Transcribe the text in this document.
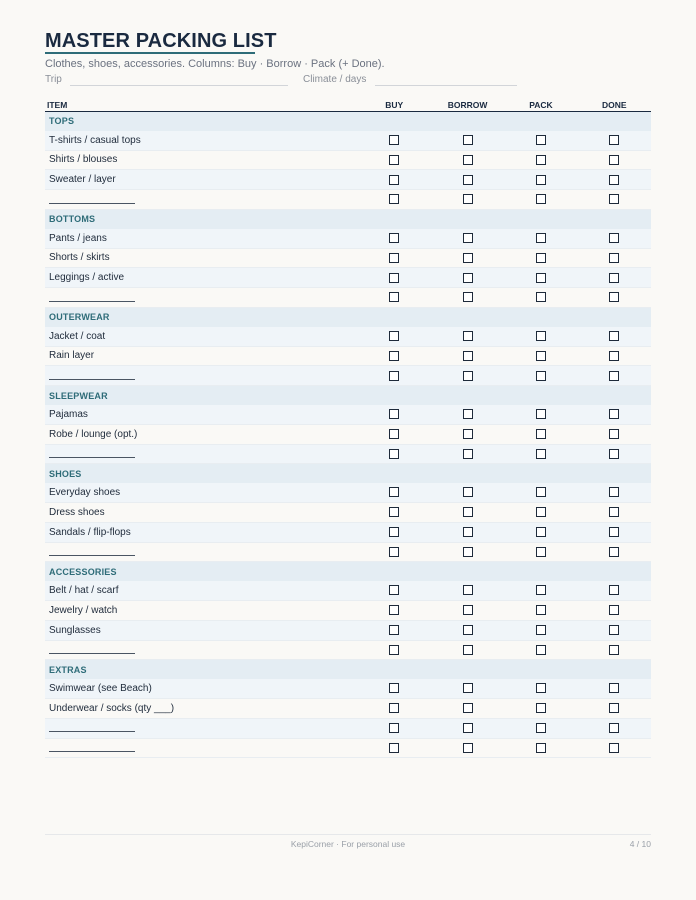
MASTER PACKING LIST
Clothes, shoes, accessories. Columns: Buy · Borrow · Pack (+ Done).
Trip	Climate / days
ITEM	BUY	BORROW	PACK	DONE
TOPS				
T-shirts / casual tops				
Shirts / blouses				
Sweater / layer				

BOTTOMS				
Pants / jeans				
Shorts / skirts				
Leggings / active				

OUTERWEAR				
Jacket / coat				
Rain layer				

SLEEPWEAR				
Pajamas				
Robe / lounge (opt.)				

SHOES				
Everyday shoes				
Dress shoes				
Sandals / flip-flops				

ACCESSORIES				
Belt / hat / scarf				
Jewelry / watch				
Sunglasses				

EXTRAS				
Swimwear (see Beach)				
Underwear / socks (qty ___)				

KepiCorner · For personal use	4 / 10
